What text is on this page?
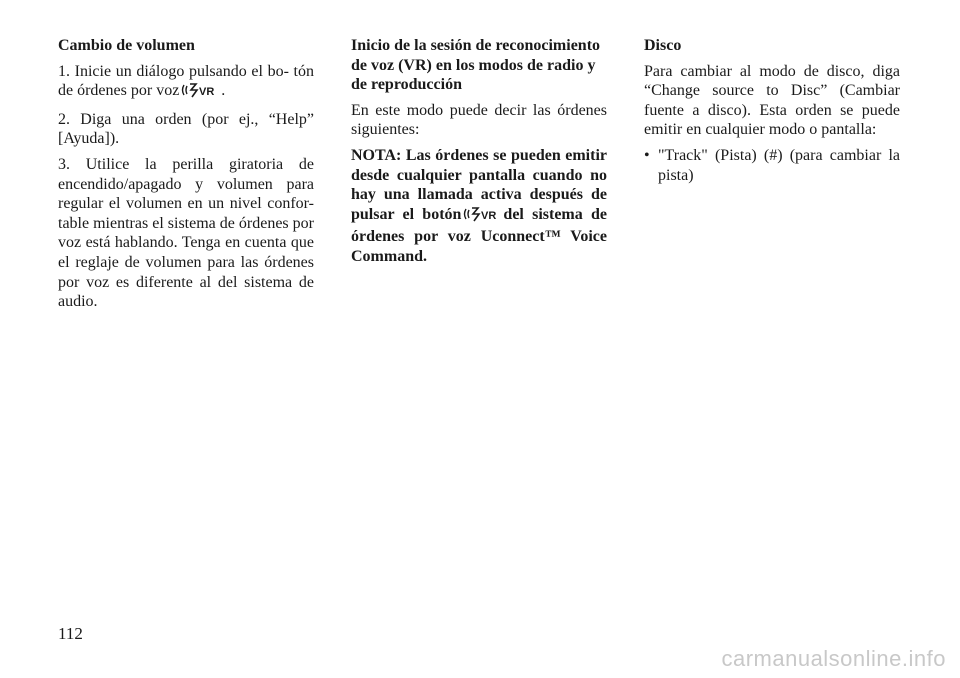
Cambio de volumen

1. Inicie un diálogo pulsando el bo- tón de órdenes por voz VR .

2. Diga una orden (por ej., “Help” [Ayuda]).

3. Utilice la perilla giratoria de encendido/apagado y volumen para regular el volumen en un nivel confor- table mientras el sistema de órdenes por voz está hablando. Tenga en cuenta que el reglaje de volumen para las órdenes por voz es diferente al del sistema de audio.

Inicio de la sesión de reconocimiento de voz (VR) en los modos de radio y de reproducción

En este modo puede decir las órdenes siguientes:

NOTA: Las órdenes se pueden emitir desde cualquier pantalla cuando no hay una llamada activa después de pulsar el botón VR del sistema de órdenes por voz Uconnect™ Voice Command.

Disco

Para cambiar al modo de disco, diga “Change source to Disc” (Cambiar fuente a disco). Esta orden se puede emitir en cualquier modo o pantalla:

• "Track" (Pista) (#) (para cambiar la pista)
112
carmanualsonline.info
